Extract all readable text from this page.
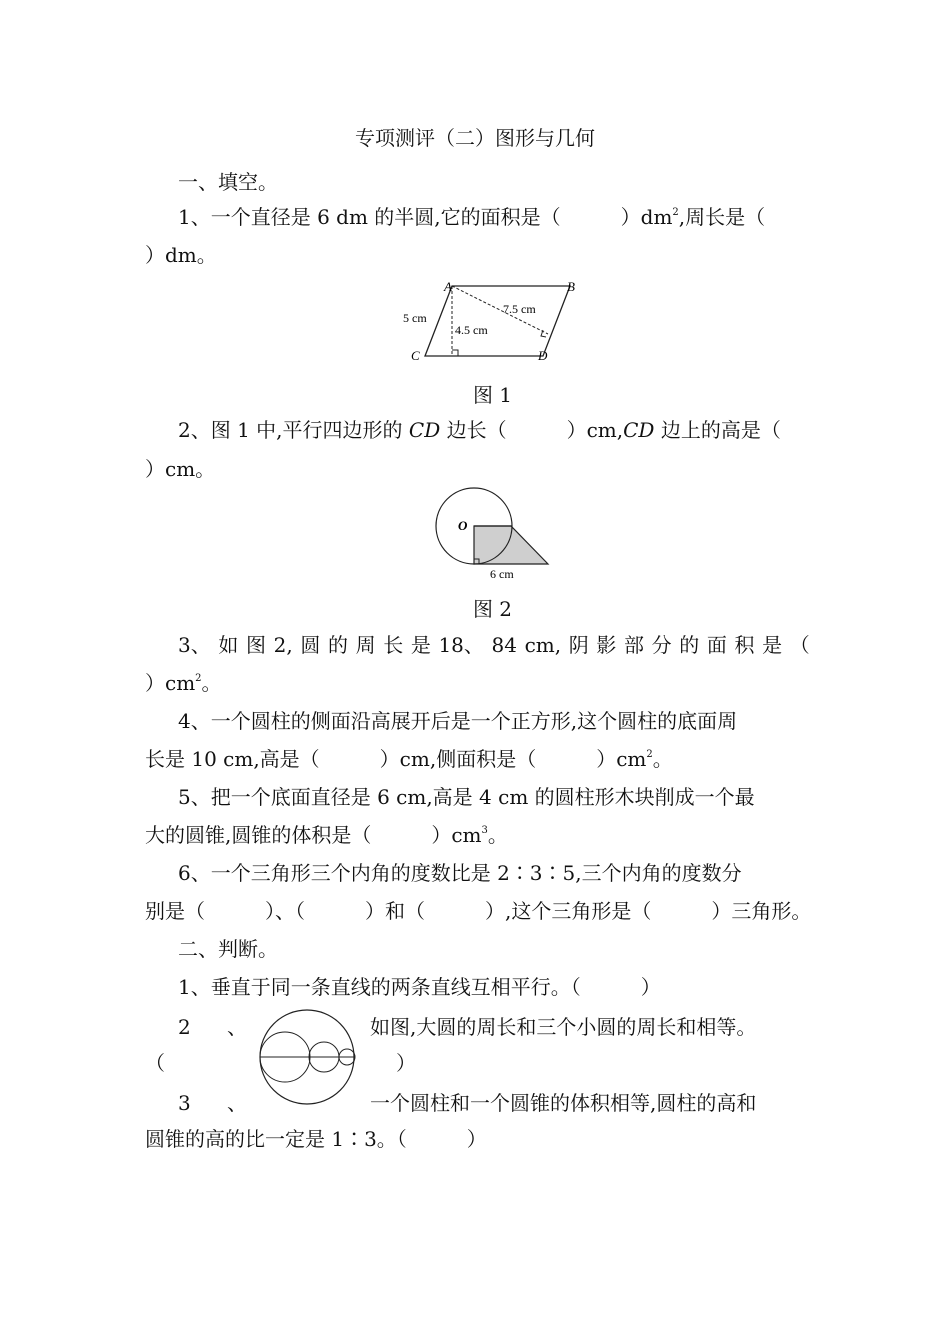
专项测评（二）图形与几何
一、填空。
1、一个直径是 6 dm 的半圆,它的面积是（　　　）$dm^2$,周长是（
）dm。
A	B
C	D
5 cm
4.5 cm
7.5 cm
图 1
2、图 1 中,平行四边形的 CD 边长（　　　）cm,CD 边上的高是（
）cm。
O
6 cm
图 2
3、 如 图 2, 圆 的 周 长 是 18、 84 cm, 阴 影 部 分 的 面 积 是 （
）$cm^2$。
4、一个圆柱的侧面沿高展开后是一个正方形,这个圆柱的底面周
长是 10 cm,高是（　　　）cm,侧面积是（　　　）$cm^2$。
5、把一个底面直径是 6 cm,高是 4 cm 的圆柱形木块削成一个最
大的圆锥,圆锥的体积是（　　　）$cm^3$。
6、一个三角形三个内角的度数比是 2∶3∶5,三个内角的度数分
别是（　　　）、（　　　）和（　　　）,这个三角形是（　　　）三角形。
二、判断。
1、垂直于同一条直线的两条直线互相平行。（　　　）
2	、	如图,大圆的周长和三个小圆的周长和相等。
（	）
3	、	一个圆柱和一个圆锥的体积相等,圆柱的高和
圆锥的高的比一定是 1∶3。（　　　）
